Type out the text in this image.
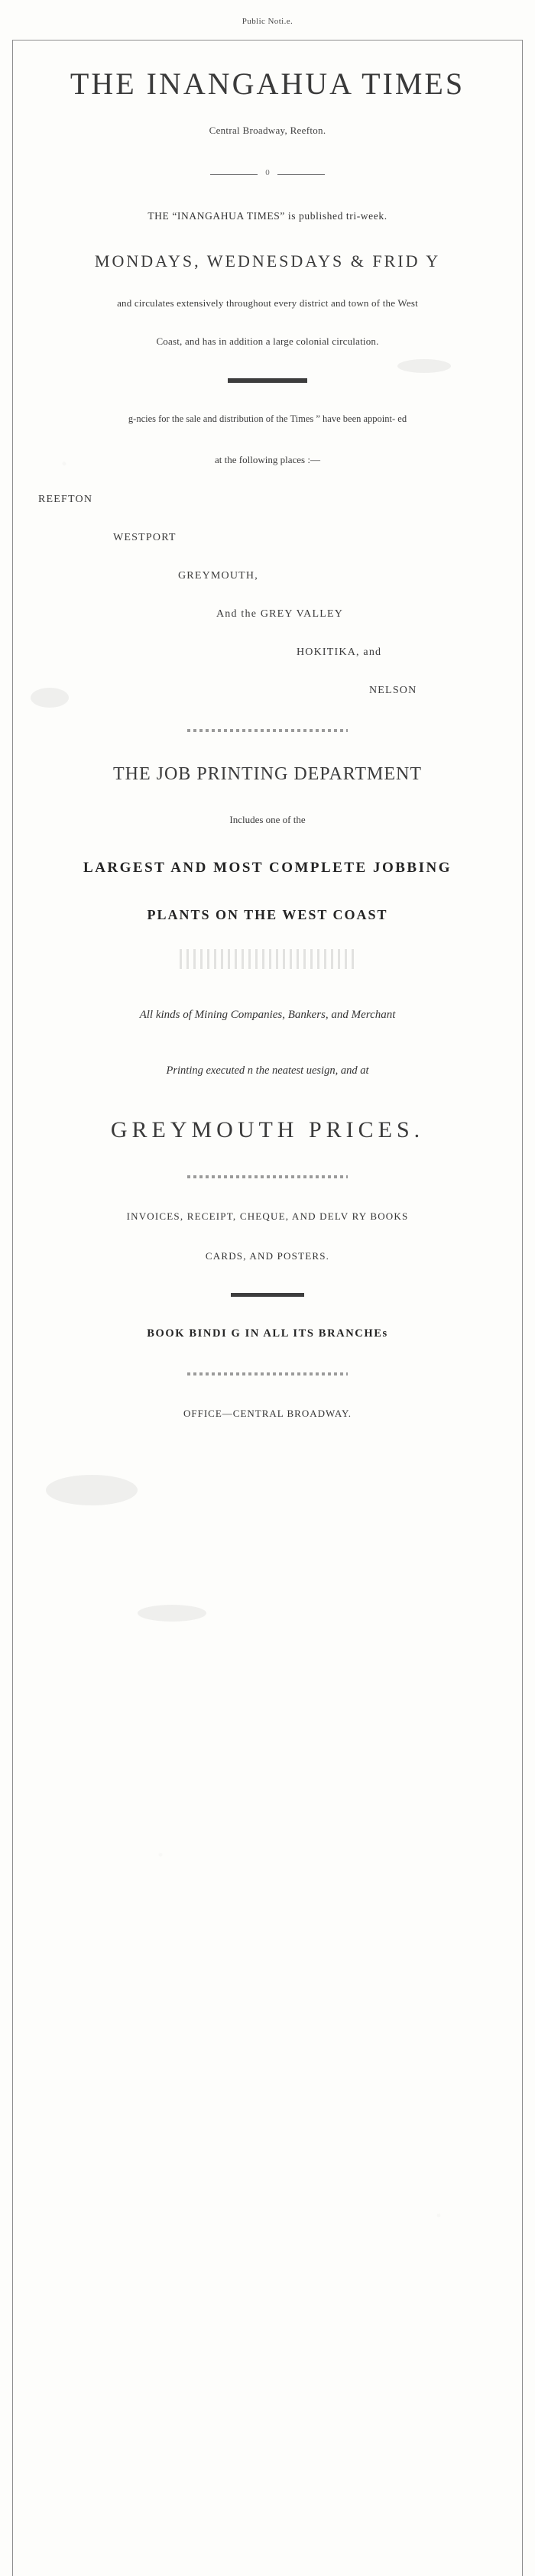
Public Noti.e.
THE INANGAHUA TIMES
Central Broadway, Reefton.
0
THE “INANGAHUA TIMES” is published tri-week.
MONDAYS, WEDNESDAYS & FRID Y
and circulates extensively throughout every district and town of the West
Coast, and has in addition a large colonial circulation.
g-ncies for the sale and distribution of the Times ” have been appoint- ed
at the following places :—
REEFTON
WESTPORT
GREYMOUTH,
And the GREY VALLEY
HOKITIKA, and
NELSON
THE JOB PRINTING DEPARTMENT
Includes one of the
LARGEST AND MOST COMPLETE JOBBING
PLANTS ON THE WEST COAST
All kinds of Mining Companies, Bankers, and Merchant
Printing executed n the neatest uesign, and at
GREYMOUTH PRICES.
INVOICES, RECEIPT, CHEQUE, AND DELV RY BOOKS
CARDS, AND POSTERS.
BOOK BINDI G IN ALL ITS BRANCHEs
OFFICE—CENTRAL BROADWAY.
